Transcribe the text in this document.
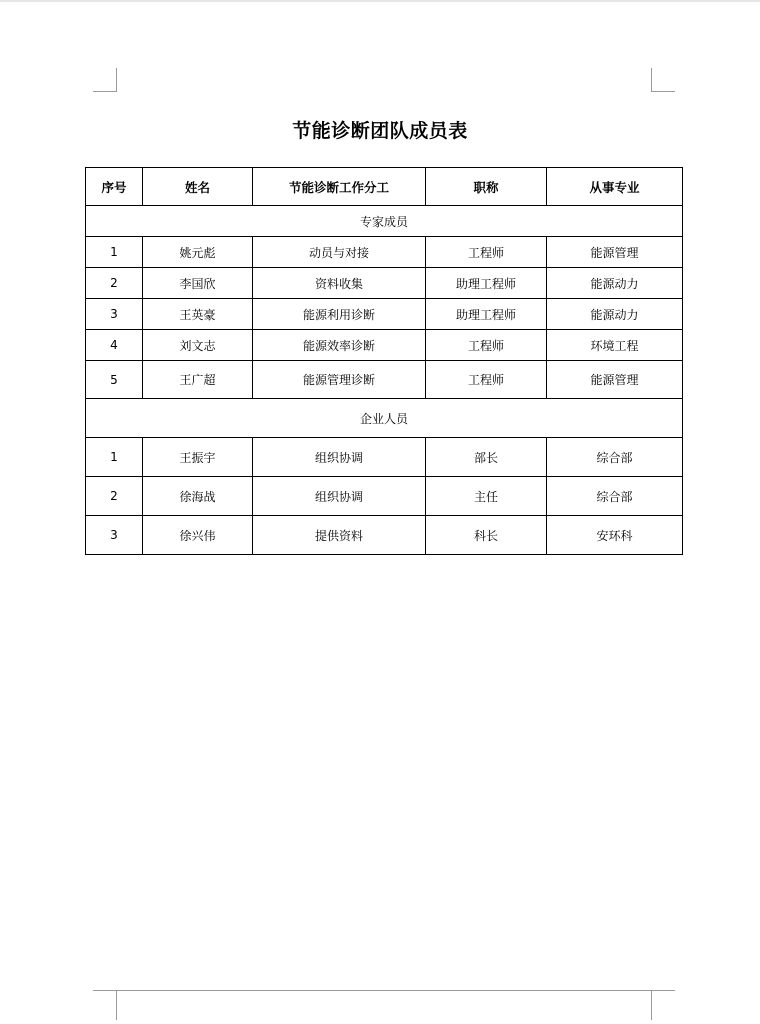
节能诊断团队成员表
序号	姓名	节能诊断工作分工	职称	从事专业
专家成员				
1	姚元彪	动员与对接	工程师	能源管理
2	李国欣	资料收集	助理工程师	能源动力
3	王英豪	能源利用诊断	助理工程师	能源动力
4	刘文志	能源效率诊断	工程师	环境工程
5	王广超	能源管理诊断	工程师	能源管理
企业人员				
1	王振宇	组织协调	部长	综合部
2	徐海战	组织协调	主任	综合部
3	徐兴伟	提供资料	科长	安环科
